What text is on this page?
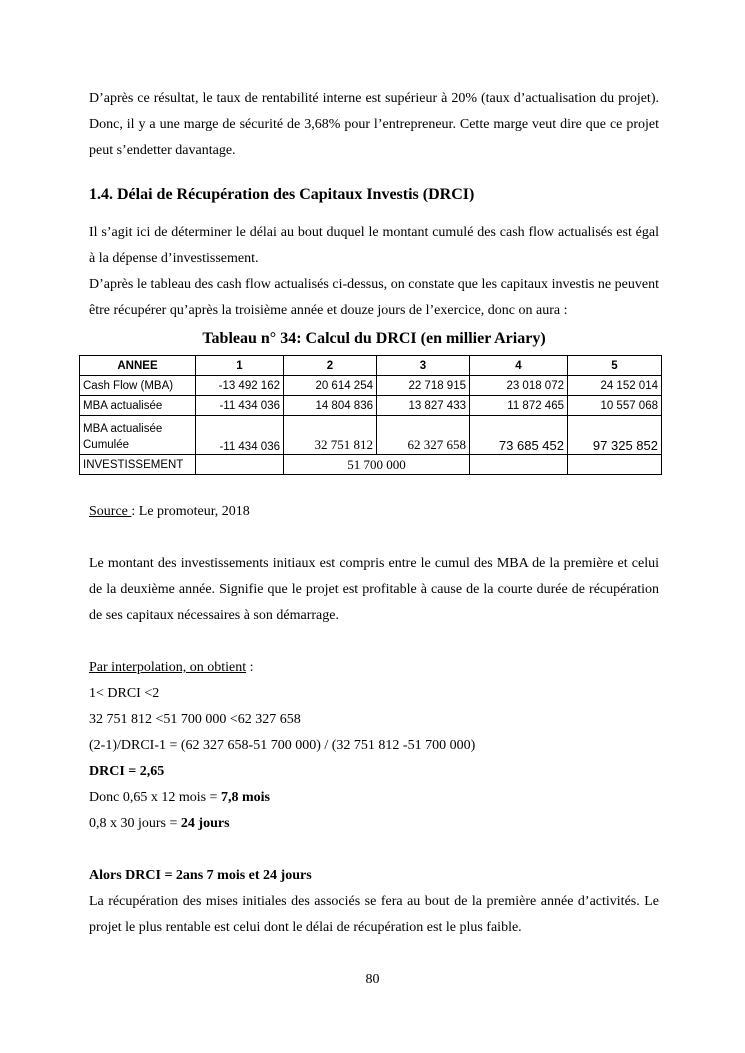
D’après ce résultat, le taux de rentabilité interne est supérieur à 20% (taux d’actualisation du projet). Donc, il y a une marge de sécurité de 3,68% pour l’entrepreneur. Cette marge veut dire que ce projet peut s’endetter davantage.

1.4. Délai de Récupération des Capitaux Investis (DRCI)

Il s’agit ici de déterminer le délai au bout duquel le montant cumulé des cash flow actualisés est égal à la dépense d’investissement.

D’après le tableau des cash flow actualisés ci-dessus, on constate que les capitaux investis ne peuvent être récupérer qu’après la troisième année et douze jours de l’exercice, donc on aura :

Tableau n° 34: Calcul du DRCI (en millier Ariary)
ANNEE	1	2	3	4	5
Cash Flow (MBA)	-13 492 162	20 614 254	22 718 915	23 018 072	24 152 014
MBA actualisée	-11 434 036	14 804 836	13 827 433	11 872 465	10 557 068
MBA actualisée Cumulée	-11 434 036	32 751 812	62 327 658	73 685 452	97 325 852
INVESTISSEMENT		51 700 000			

Source : Le promoteur, 2018

Le montant des investissements initiaux est compris entre le cumul des MBA de la première et celui de la deuxième année. Signifie que le projet est profitable à cause de la courte durée de récupération de ses capitaux nécessaires à son démarrage.

Par interpolation, on obtient :

1< DRCI <2

32 751 812 <51 700 000 <62 327 658

(2-1)/DRCI-1 = (62 327 658-51 700 000) / (32 751 812 -51 700 000)

DRCI = 2,65

Donc 0,65 x 12 mois = 7,8 mois

0,8 x 30 jours = 24 jours

Alors DRCI = 2ans 7 mois et 24 jours

La récupération des mises initiales des associés se fera au bout de la première année d’activités. Le projet le plus rentable est celui dont le délai de récupération est le plus faible.

80
